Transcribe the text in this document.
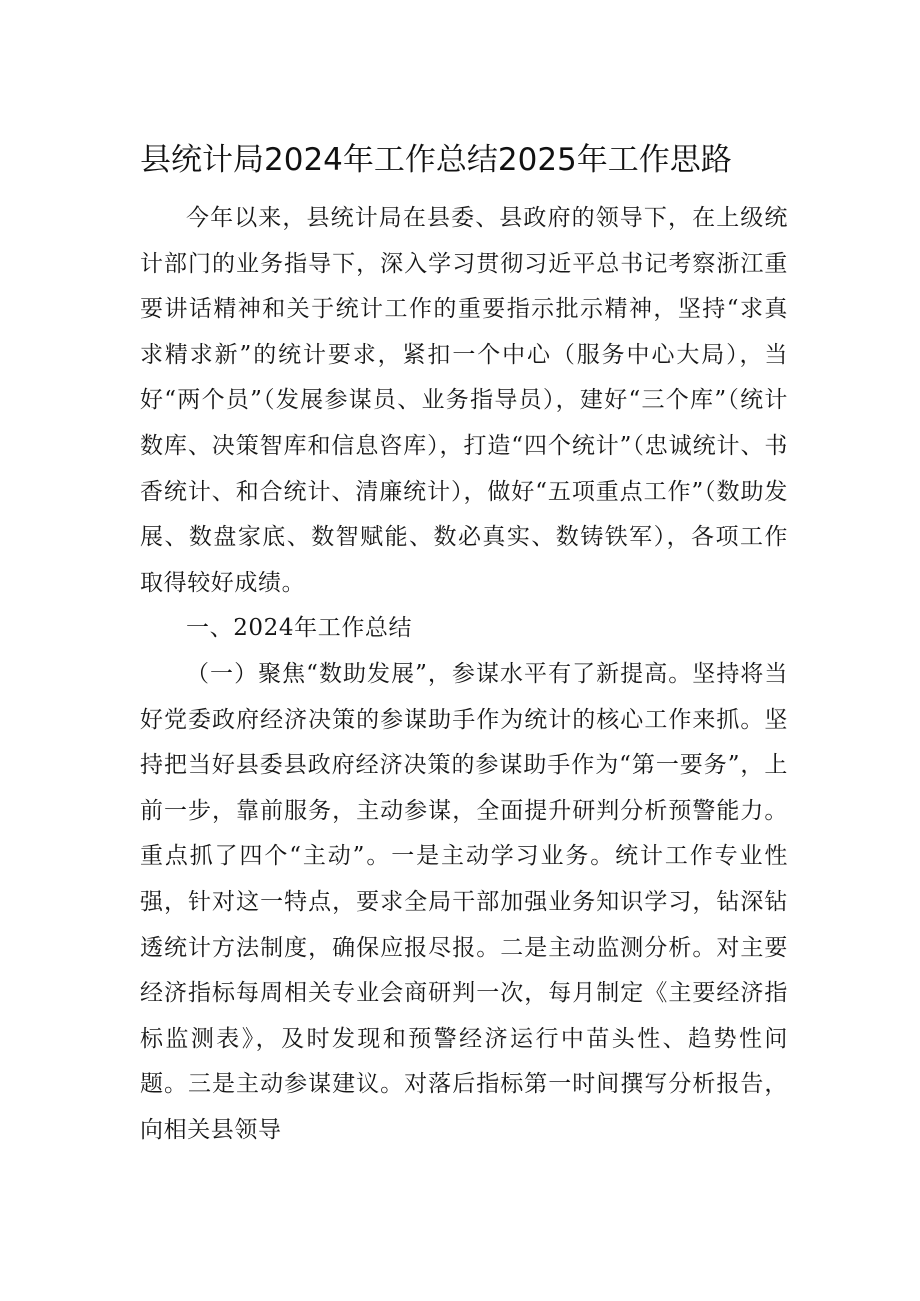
县统计局2024年工作总结2025年工作思路

今年以来，县统计局在县委、县政府的领导下，在上级统计部门的业务指导下，深入学习贯彻习近平总书记考察浙江重要讲话精神和关于统计工作的重要指示批示精神，坚持“求真求精求新”的统计要求，紧扣一个中心（服务中心大局），当好“两个员”（发展参谋员、业务指导员），建好“三个库”（统计数库、决策智库和信息咨库），打造“四个统计”（忠诚统计、书香统计、和合统计、清廉统计），做好“五项重点工作”（数助发展、数盘家底、数智赋能、数必真实、数铸铁军），各项工作取得较好成绩。

一、2024年工作总结

（一）聚焦“数助发展”，参谋水平有了新提高。坚持将当好党委政府经济决策的参谋助手作为统计的核心工作来抓。坚持把当好县委县政府经济决策的参谋助手作为“第一要务”，上前一步，靠前服务，主动参谋，全面提升研判分析预警能力。重点抓了四个“主动”。一是主动学习业务。统计工作专业性强，针对这一特点，要求全局干部加强业务知识学习，钻深钻透统计方法制度，确保应报尽报。二是主动监测分析。对主要经济指标每周相关专业会商研判一次，每月制定《主要经济指标监测表》，及时发现和预警经济运行中苗头性、趋势性问题。三是主动参谋建议。对落后指标第一时间撰写分析报告，向相关县领导
